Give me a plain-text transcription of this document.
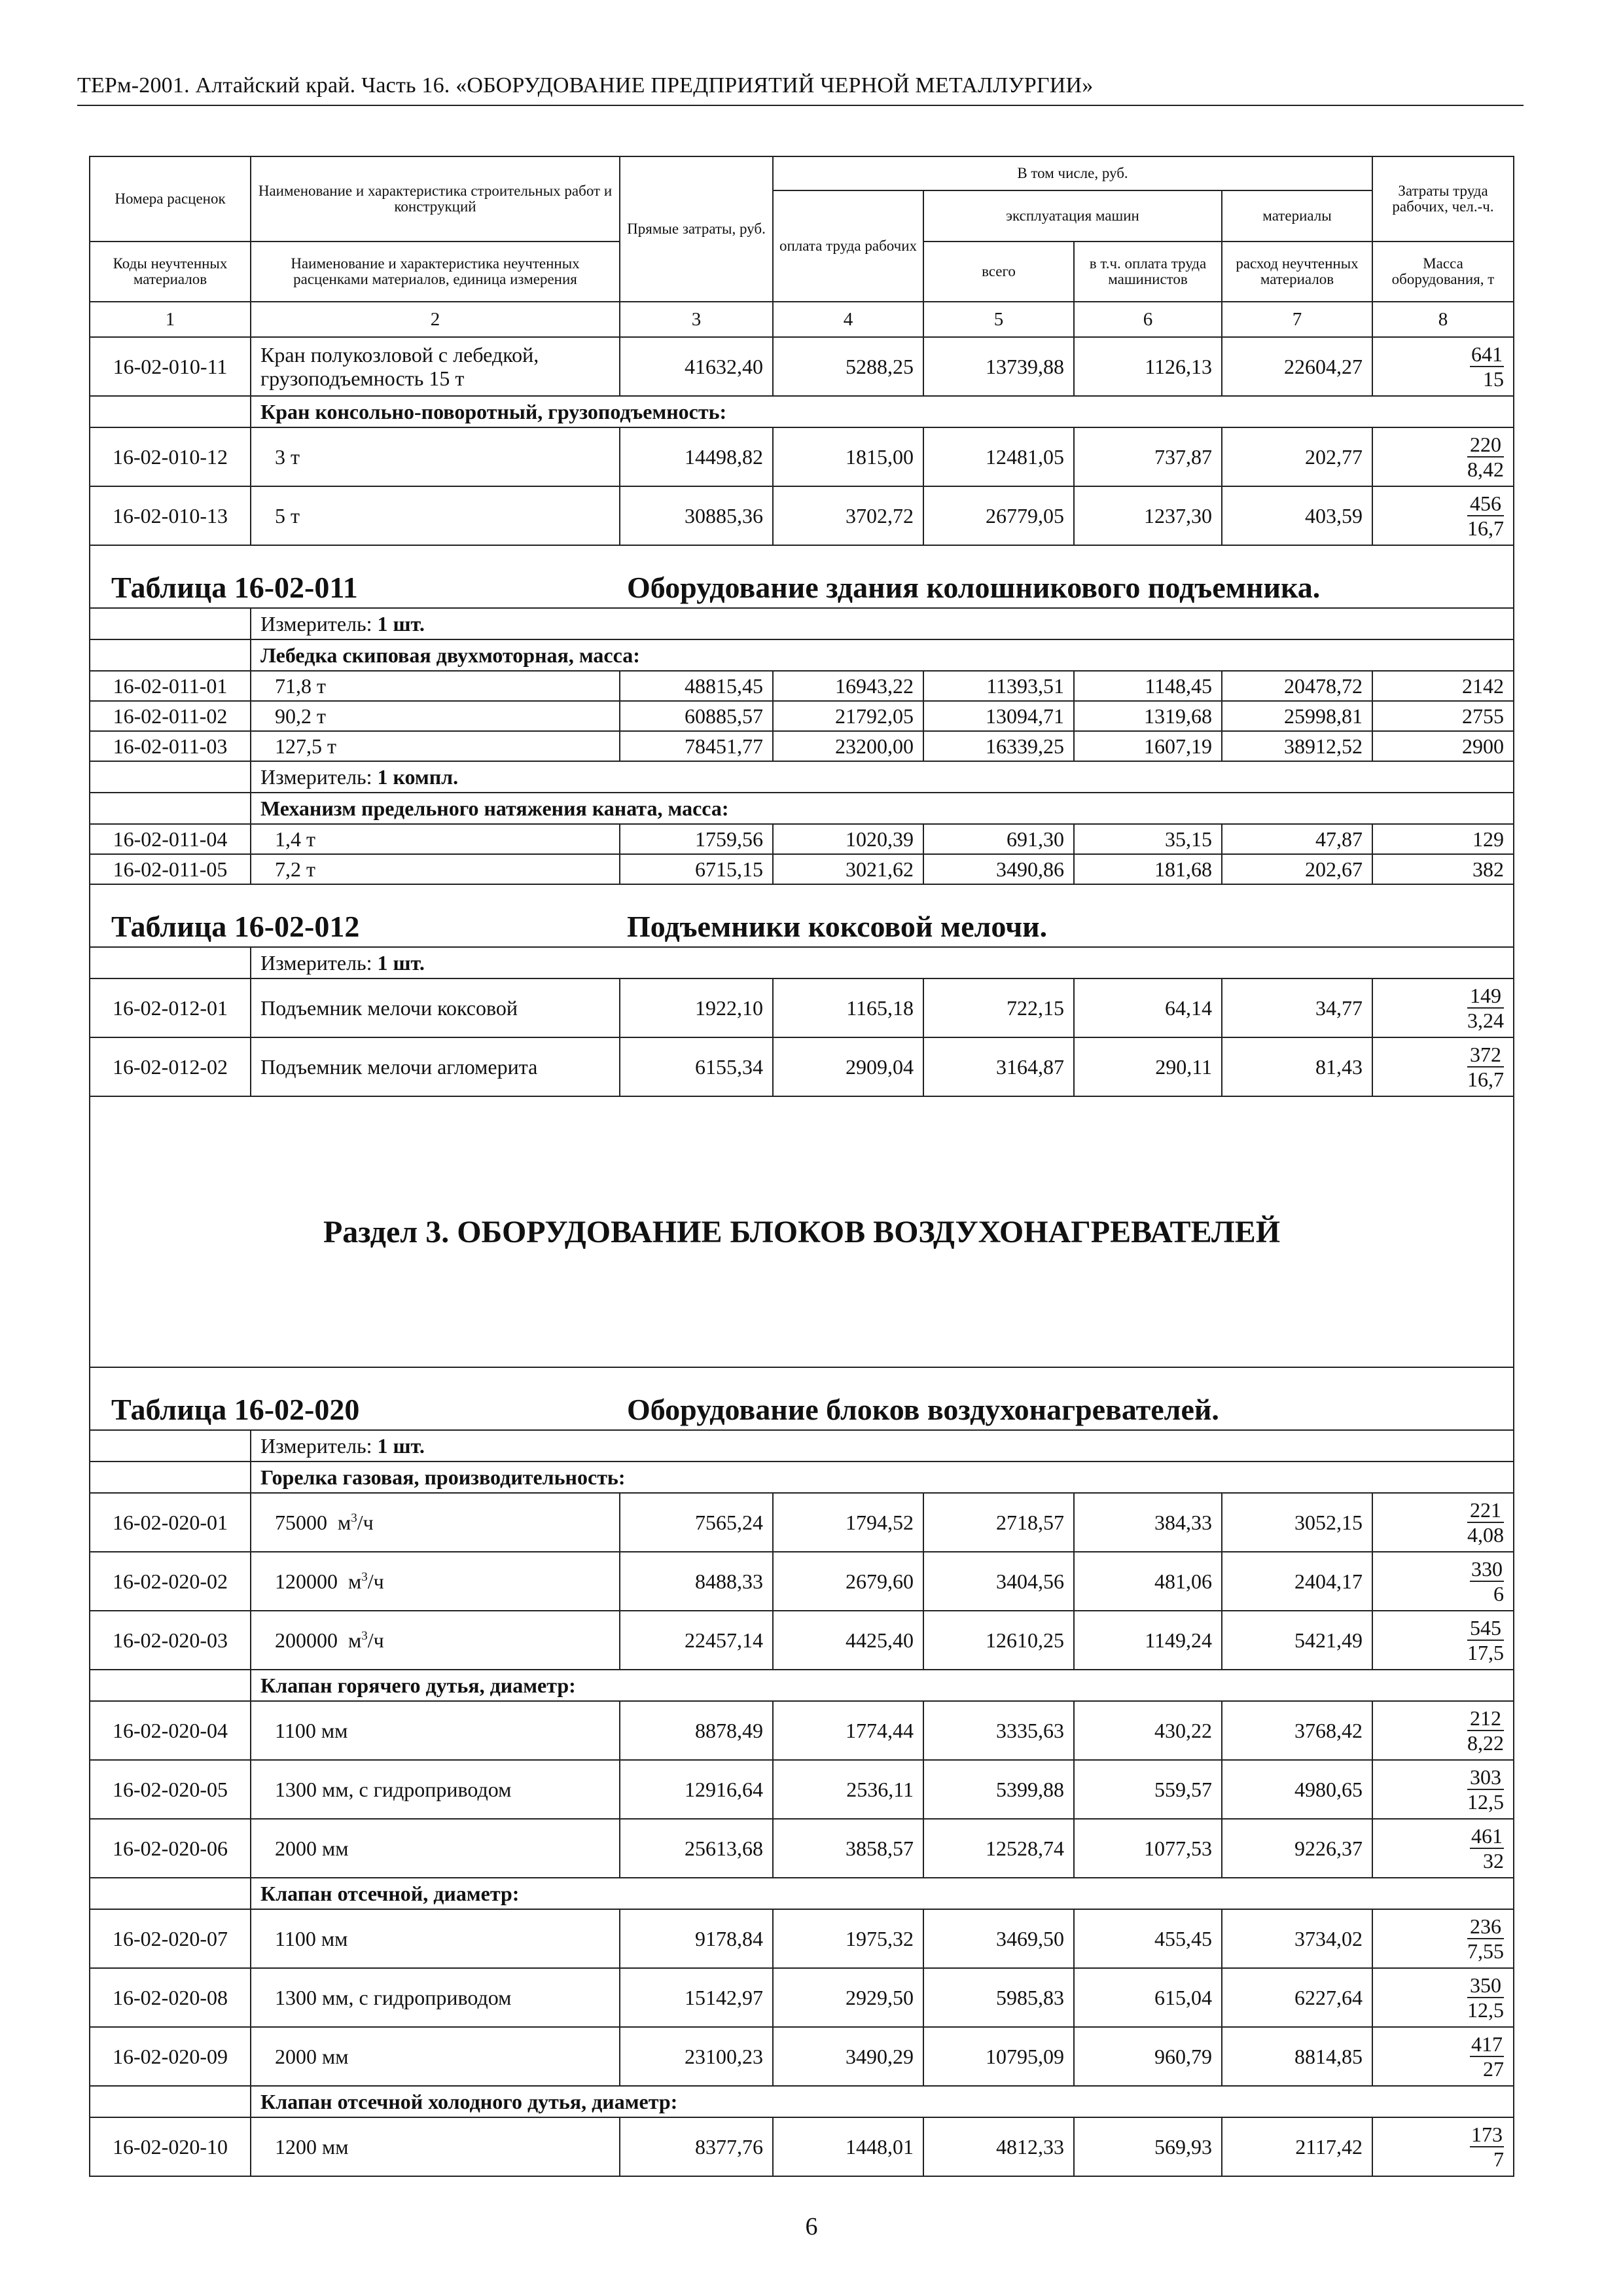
ТЕРм-2001. Алтайский край. Часть 16. «ОБОРУДОВАНИЕ ПРЕДПРИЯТИЙ ЧЕРНОЙ МЕТАЛЛУРГИИ»
Номера расценок	Наименование и характеристика строительных работ и конструкций	Прямые затраты, руб.	В том числе, руб.				Затраты труда рабочих, чел.-ч.
			оплата труда рабочих	эксплуатация машин		материалы	
Коды неучтенных материалов	Наименование и характеристика неучтенных расценками материалов, единица измерения			всего	в т.ч. оплата труда машинистов	расход неучтенных материалов	Масса оборудования, т
1	2	3	4	5	6	7	8
16-02-010-11	Кран полукозловой с лебедкой, грузоподъемность 15 т	41632,40	5288,25	13739,88	1126,13	22604,27	$\frac{641}{15}$

	Кран консольно-поворотный, грузоподъемность:						
16-02-010-12	3 т	14498,82	1815,00	12481,05	737,87	202,77	$\frac{220}{8,42}$

16-02-010-13	5 т	30885,36	3702,72	26779,05	1237,30	403,59	$\frac{456}{16,7}$

Таблица 16-02-011 Оборудование здания колошникового подъемника.							
	Измеритель: 1 шт.						
	Лебедка скиповая двухмоторная, масса:						
16-02-011-01	71,8 т	48815,45	16943,22	11393,51	1148,45	20478,72	2142
16-02-011-02	90,2 т	60885,57	21792,05	13094,71	1319,68	25998,81	2755
16-02-011-03	127,5 т	78451,77	23200,00	16339,25	1607,19	38912,52	2900
	Измеритель: 1 компл.						
	Механизм предельного натяжения каната, масса:						
16-02-011-04	1,4 т	1759,56	1020,39	691,30	35,15	47,87	129
16-02-011-05	7,2 т	6715,15	3021,62	3490,86	181,68	202,67	382
Таблица 16-02-012 Подъемники коксовой мелочи.							
	Измеритель: 1 шт.						
16-02-012-01	Подъемник мелочи коксовой	1922,10	1165,18	722,15	64,14	34,77	$\frac{149}{3,24}$

16-02-012-02	Подъемник мелочи агломерита	6155,34	2909,04	3164,87	290,11	81,43	$\frac{372}{16,7}$

Раздел 3. ОБОРУДОВАНИЕ БЛОКОВ ВОЗДУХОНАГРЕВАТЕЛЕЙ							
Таблица 16-02-020 Оборудование блоков воздухонагревателей.							
	Измеритель: 1 шт.						
	Горелка газовая, производительность:						
16-02-020-01	75000 $м^3/ч$	7565,24	1794,52	2718,57	384,33	3052,15	$\frac{221}{4,08}$

16-02-020-02	120000 $м^3/ч$	8488,33	2679,60	3404,56	481,06	2404,17	$\frac{330}{6}$

16-02-020-03	200000 $м^3/ч$	22457,14	4425,40	12610,25	1149,24	5421,49	$\frac{545}{17,5}$

	Клапан горячего дутья, диаметр:						
16-02-020-04	1100 мм	8878,49	1774,44	3335,63	430,22	3768,42	$\frac{212}{8,22}$

16-02-020-05	1300 мм, с гидроприводом	12916,64	2536,11	5399,88	559,57	4980,65	$\frac{303}{12,5}$

16-02-020-06	2000 мм	25613,68	3858,57	12528,74	1077,53	9226,37	$\frac{461}{32}$

	Клапан отсечной, диаметр:						
16-02-020-07	1100 мм	9178,84	1975,32	3469,50	455,45	3734,02	$\frac{236}{7,55}$

16-02-020-08	1300 мм, с гидроприводом	15142,97	2929,50	5985,83	615,04	6227,64	$\frac{350}{12,5}$

16-02-020-09	2000 мм	23100,23	3490,29	10795,09	960,79	8814,85	$\frac{417}{27}$

	Клапан отсечной холодного дутья, диаметр:						
16-02-020-10	1200 мм	8377,76	1448,01	4812,33	569,93	2117,42	$\frac{173}{7}$
6
